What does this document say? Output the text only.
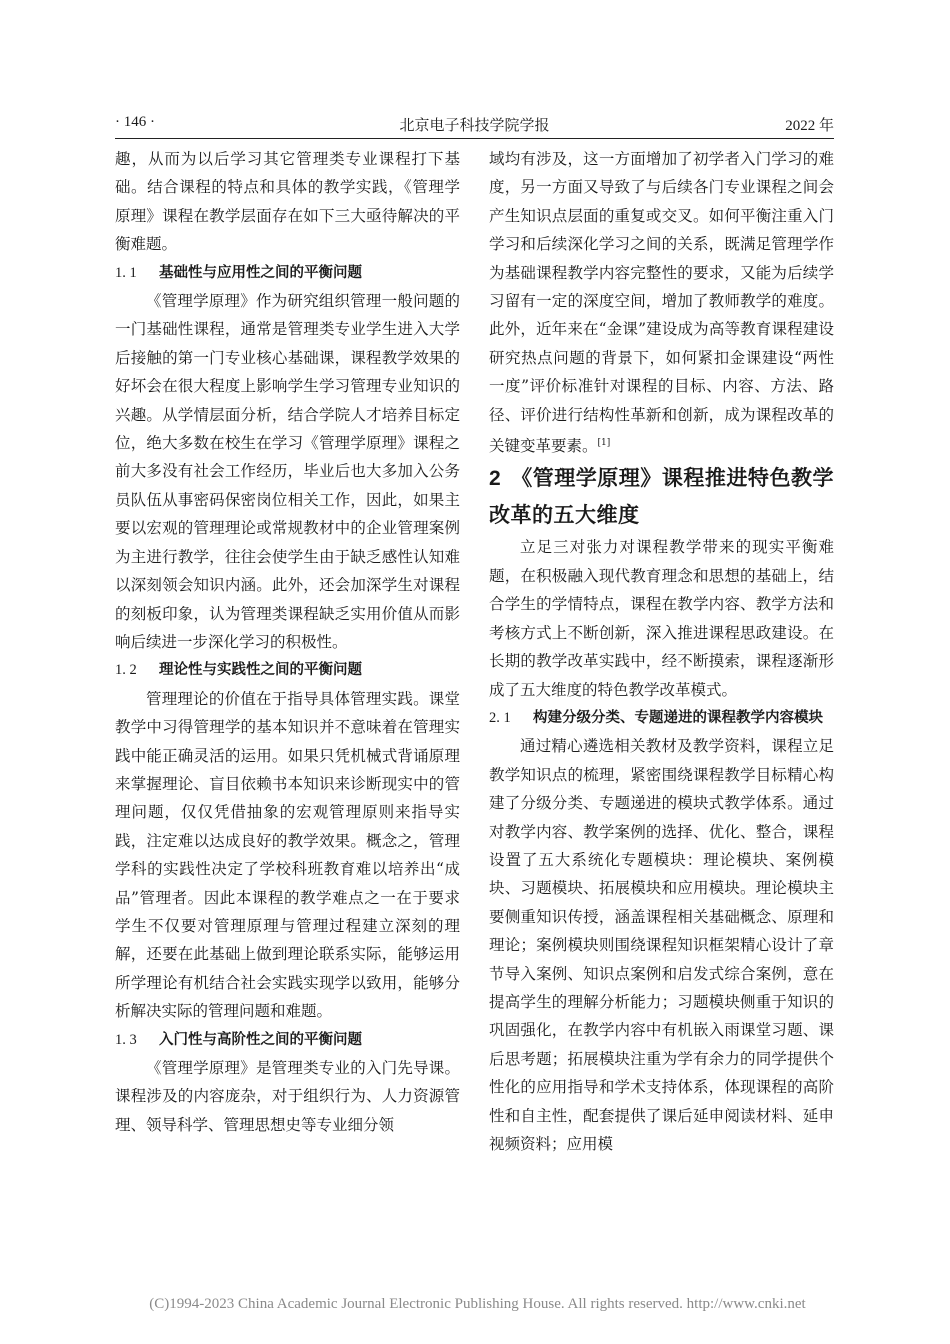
· 146 ·	北京电子科技学院学报	2022 年

趣，从而为以后学习其它管理类专业课程打下基础。结合课程的特点和具体的教学实践，《管理学原理》课程在教学层面存在如下三大亟待解决的平衡难题。

1. 1 基础性与应用性之间的平衡问题

《管理学原理》作为研究组织管理一般问题的一门基础性课程，通常是管理类专业学生进入大学后接触的第一门专业核心基础课，课程教学效果的好坏会在很大程度上影响学生学习管理专业知识的兴趣。从学情层面分析，结合学院人才培养目标定位，绝大多数在校生在学习《管理学原理》课程之前大多没有社会工作经历，毕业后也大多加入公务员队伍从事密码保密岗位相关工作，因此，如果主要以宏观的管理理论或常规教材中的企业管理案例为主进行教学，往往会使学生由于缺乏感性认知难以深刻领会知识内涵。此外，还会加深学生对课程的刻板印象，认为管理类课程缺乏实用价值从而影响后续进一步深化学习的积极性。

1. 2 理论性与实践性之间的平衡问题

管理理论的价值在于指导具体管理实践。课堂教学中习得管理学的基本知识并不意味着在管理实践中能正确灵活的运用。如果只凭机械式背诵原理来掌握理论、盲目依赖书本知识来诊断现实中的管理问题，仅仅凭借抽象的宏观管理原则来指导实践，注定难以达成良好的教学效果。概念之，管理学科的实践性决定了学校科班教育难以培养出“成品”管理者。因此本课程的教学难点之一在于要求学生不仅要对管理原理与管理过程建立深刻的理解，还要在此基础上做到理论联系实际，能够运用所学理论有机结合社会实践实现学以致用，能够分析解决实际的管理问题和难题。

1. 3 入门性与高阶性之间的平衡问题

《管理学原理》是管理类专业的入门先导课。课程涉及的内容庞杂，对于组织行为、人力资源管理、领导科学、管理思想史等专业细分领

域均有涉及，这一方面增加了初学者入门学习的难度，另一方面又导致了与后续各门专业课程之间会产生知识点层面的重复或交叉。如何平衡注重入门学习和后续深化学习之间的关系，既满足管理学作为基础课程教学内容完整性的要求，又能为后续学习留有一定的深度空间，增加了教师教学的难度。此外，近年来在“金课”建设成为高等教育课程建设研究热点问题的背景下，如何紧扣金课建设“两性一度”评价标准针对课程的目标、内容、方法、路径、评价进行结构性革新和创新，成为课程改革的关键变革要素。[1]

2 《管理学原理》课程推进特色教学改革的五大维度

立足三对张力对课程教学带来的现实平衡难题，在积极融入现代教育理念和思想的基础上，结合学生的学情特点，课程在教学内容、教学方法和考核方式上不断创新，深入推进课程思政建设。在长期的教学改革实践中，经不断摸索，课程逐渐形成了五大维度的特色教学改革模式。

2. 1 构建分级分类、专题递进的课程教学内容模块

通过精心遴选相关教材及教学资料，课程立足教学知识点的梳理，紧密围绕课程教学目标精心构建了分级分类、专题递进的模块式教学体系。通过对教学内容、教学案例的选择、优化、整合，课程设置了五大系统化专题模块：理论模块、案例模块、习题模块、拓展模块和应用模块。理论模块主要侧重知识传授，涵盖课程相关基础概念、原理和理论；案例模块则围绕课程知识框架精心设计了章节导入案例、知识点案例和启发式综合案例，意在提高学生的理解分析能力；习题模块侧重于知识的巩固强化，在教学内容中有机嵌入雨课堂习题、课后思考题；拓展模块注重为学有余力的同学提供个性化的应用指导和学术支持体系，体现课程的高阶性和自主性，配套提供了课后延申阅读材料、延申视频资料；应用模

(C)1994-2023 China Academic Journal Electronic Publishing House. All rights reserved. http://www.cnki.net
